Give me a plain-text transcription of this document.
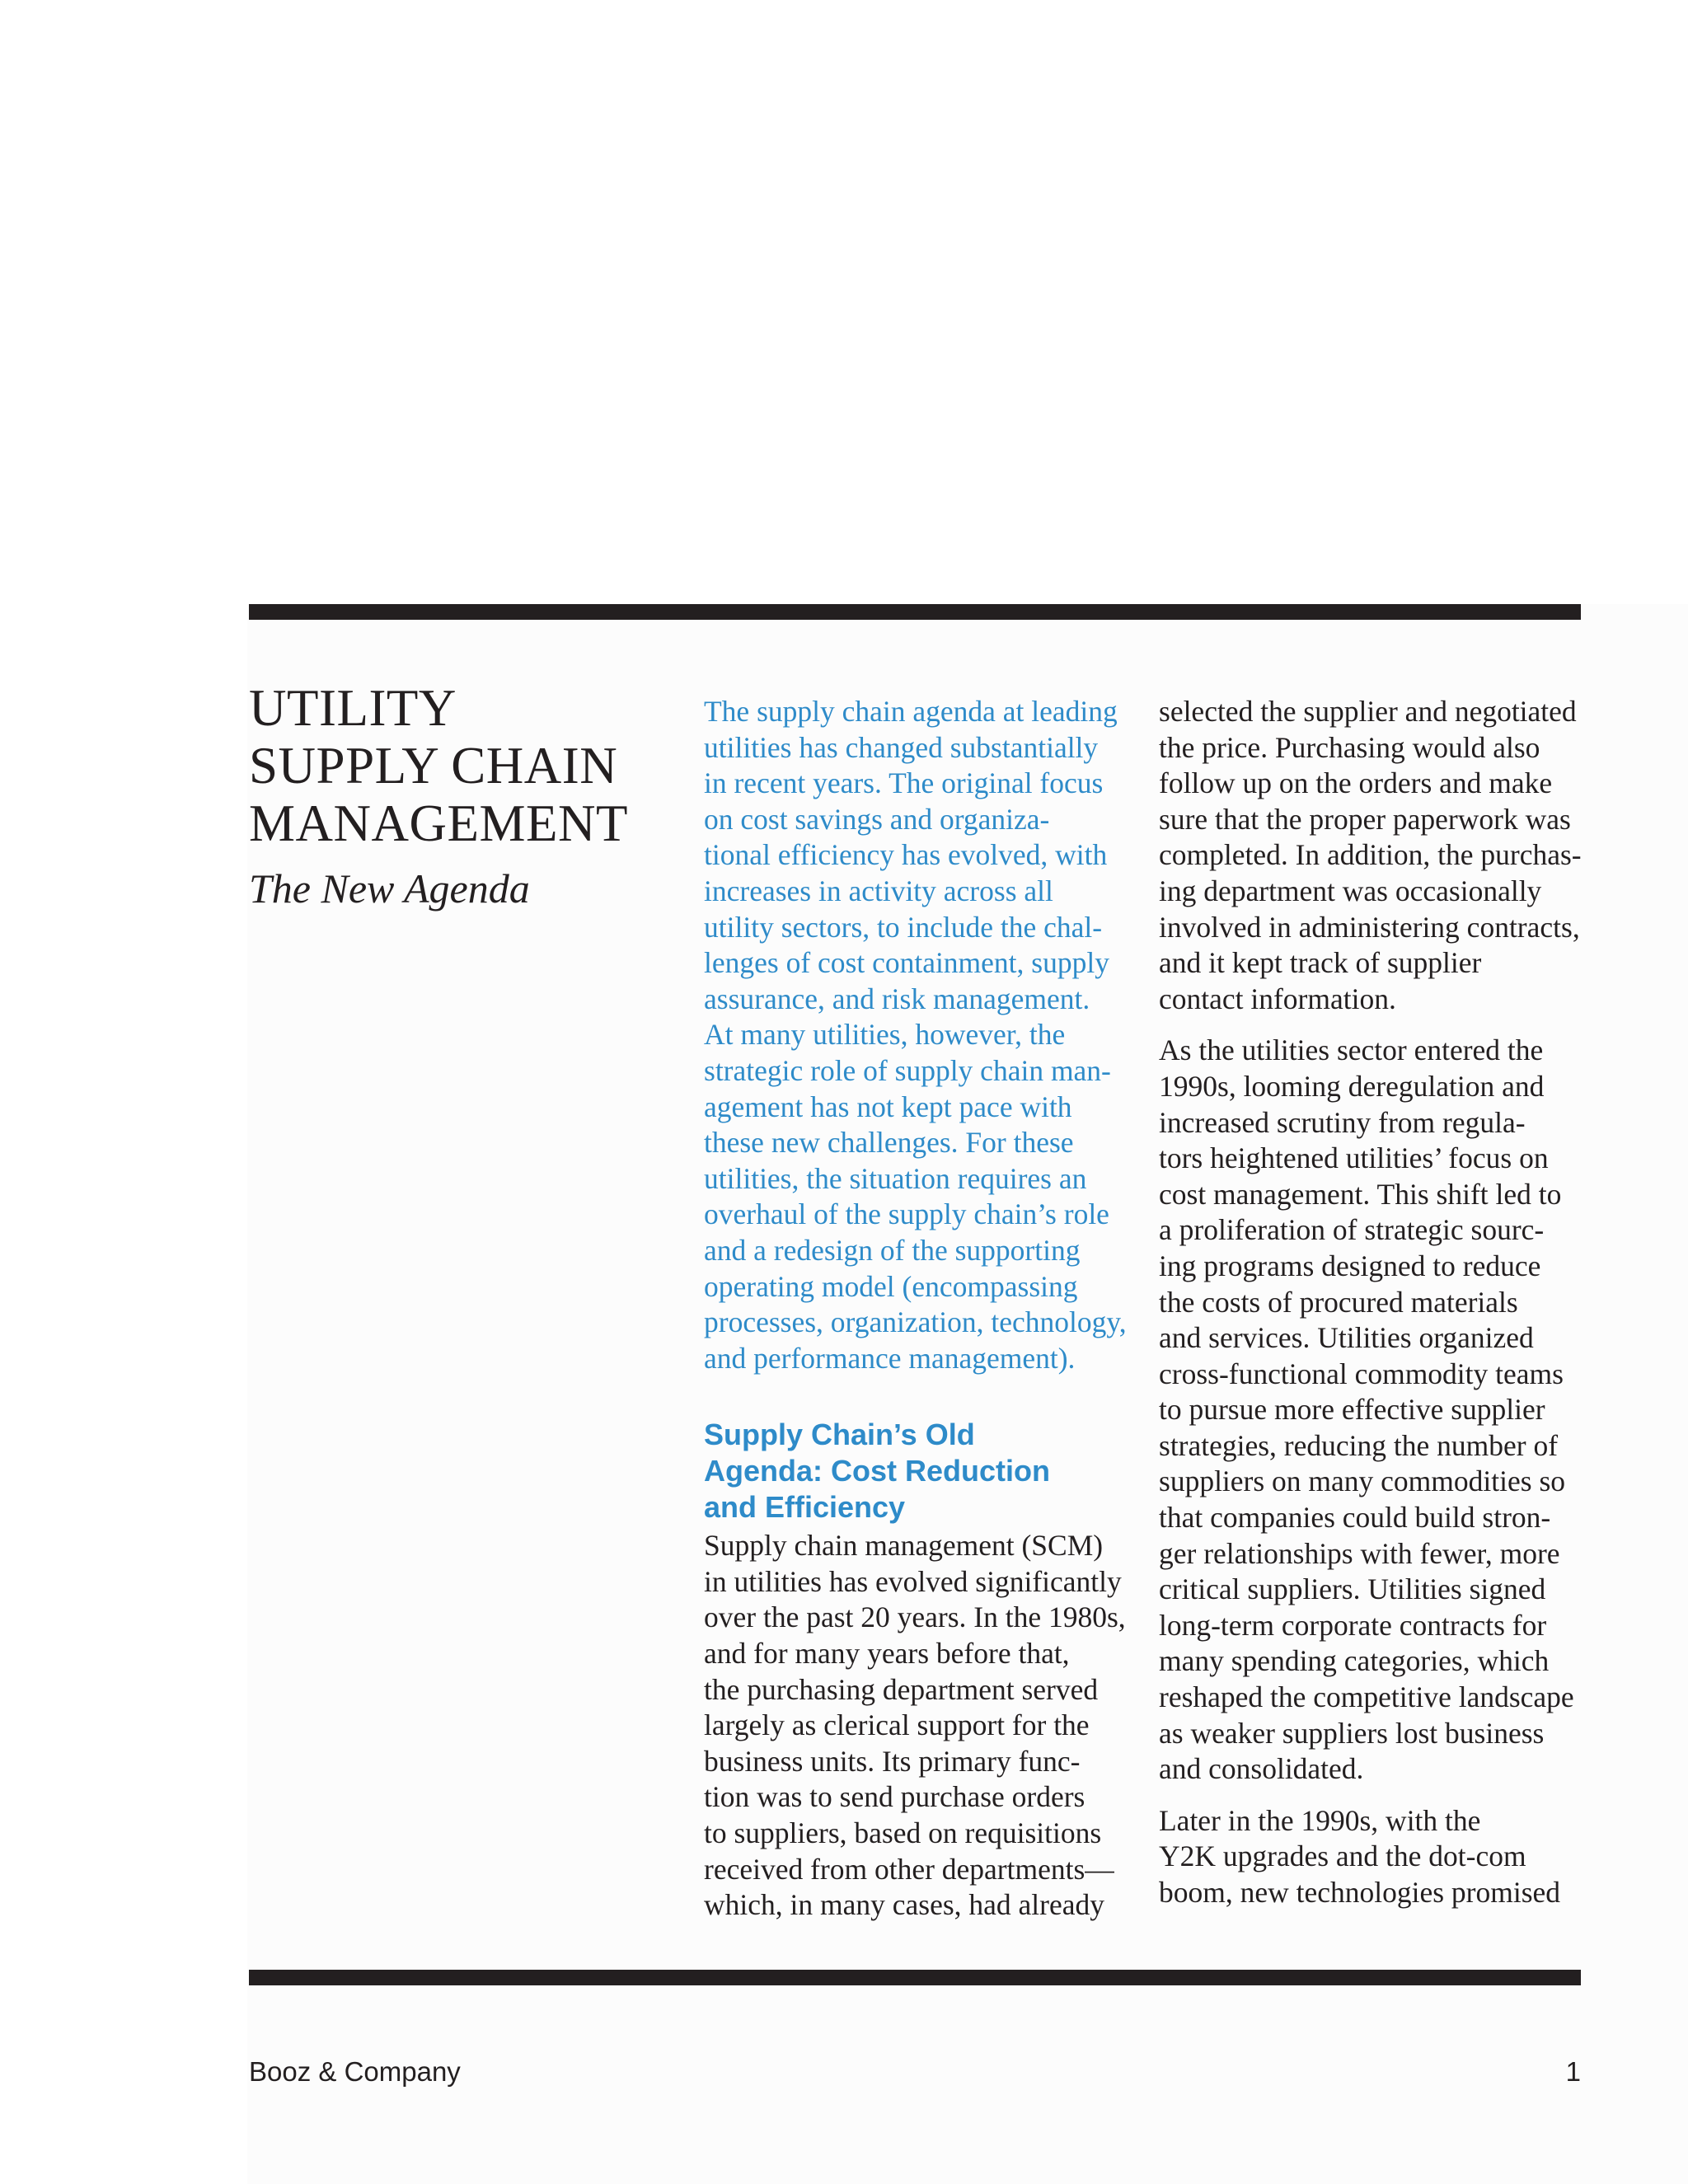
UTILITY
SUPPLY CHAIN
MANAGEMENT
The New Agenda
The supply chain agenda at leading
utilities has changed substantially
in recent years. The original focus
on cost savings and organiza-
tional efficiency has evolved, with
increases in activity across all
utility sectors, to include the chal-
lenges of cost containment, supply
assurance, and risk management.
At many utilities, however, the
strategic role of supply chain man-
agement has not kept pace with
these new challenges. For these
utilities, the situation requires an
overhaul of the supply chain’s role
and a redesign of the supporting
operating model (encompassing
processes, organization, technology,
and performance management).
Supply Chain’s Old
Agenda: Cost Reduction
and Efficiency
Supply chain management (SCM)
in utilities has evolved significantly
over the past 20 years. In the 1980s,
and for many years before that,
the purchasing department served
largely as clerical support for the
business units. Its primary func-
tion was to send purchase orders
to suppliers, based on requisitions
received from other departments—
which, in many cases, had already
selected the supplier and negotiated
the price. Purchasing would also
follow up on the orders and make
sure that the proper paperwork was
completed. In addition, the purchas-
ing department was occasionally
involved in administering contracts,
and it kept track of supplier
contact information.
As the utilities sector entered the
1990s, looming deregulation and
increased scrutiny from regula-
tors heightened utilities’ focus on
cost management. This shift led to
a proliferation of strategic sourc-
ing programs designed to reduce
the costs of procured materials
and services. Utilities organized
cross-functional commodity teams
to pursue more effective supplier
strategies, reducing the number of
suppliers on many commodities so
that companies could build stron-
ger relationships with fewer, more
critical suppliers. Utilities signed
long-term corporate contracts for
many spending categories, which
reshaped the competitive landscape
as weaker suppliers lost business
and consolidated.
Later in the 1990s, with the
Y2K upgrades and the dot-com
boom, new technologies promised
Booz & Company	1
